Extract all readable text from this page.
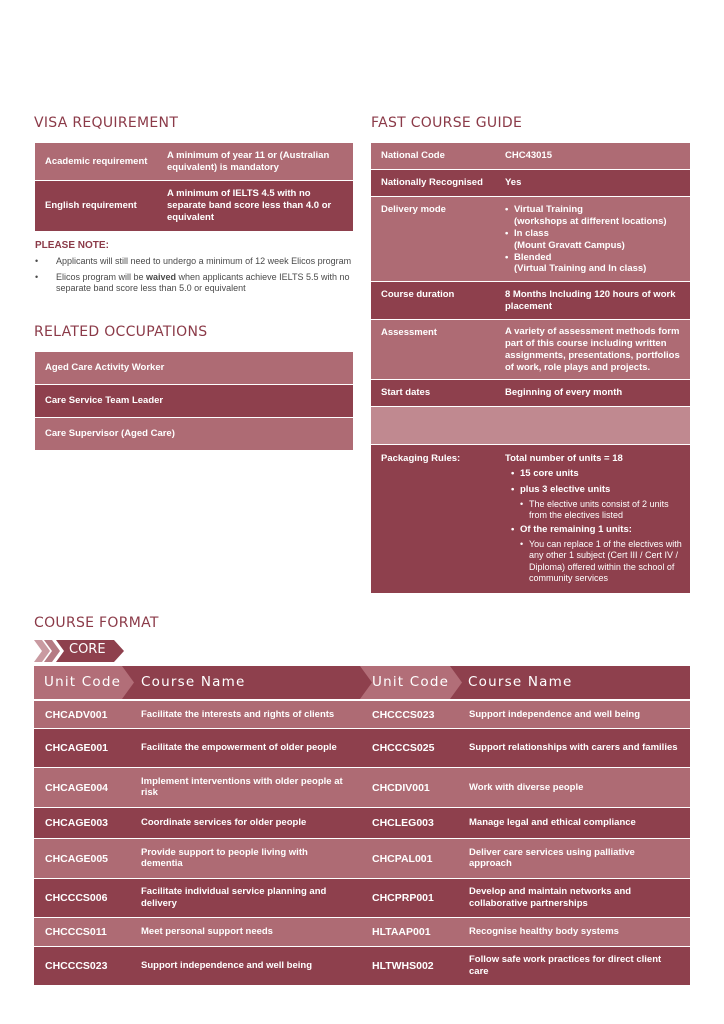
VISA REQUIREMENT
Academic requirement
A minimum of year 11 or (Australian equivalent) is mandatory
English requirement
A minimum of IELTS 4.5 with no separate band score less than 4.0 or equivalent
PLEASE NOTE:
• Applicants will still need to undergo a minimum of 12 week Elicos program
• Elicos program will be waived when applicants achieve IELTS 5.5 with no separate band score less than 5.0 or equivalent
RELATED OCCUPATIONS
Aged Care Activity Worker
Care Service Team Leader
Care Supervisor (Aged Care)
FAST COURSE GUIDE
National Code	CHC43015
Nationally Recognised Yes
Delivery mode
•	Virtual Training
(workshops at different locations)
• In class
(Mount Gravatt Campus)
• Blended
(Virtual Training and In class)
Course duration	8 Months Including 120 hours of work placement
Assessment	A variety of assessment methods form part of this course including written assignments, presentations, portfolios of work, role plays and projects.
Start dates	Beginning of every month
Packaging Rules:	Total number of units = 18
• 15 core units
• plus 3 elective units
• The elective units consist of 2 units from the electives listed
• Of the remaining 1 units:
• You can replace 1 of the electives with any other 1 subject (Cert III / Cert IV / Diploma) offered within the school of community services
COURSE FORMAT
CORE
Unit Code Course Name	Unit Code Course Name
CHCADV001	Facilitate the interests and rights of clients	CHCCCS023	Support independence and well being
CHCAGE001	Facilitate the empowerment of older people	CHCCCS025	Support relationships with carers and families
CHCAGE004
Implement interventions with older people at risk	CHCDIV001	Work with diverse people
CHCAGE003	Coordinate services for older people	CHCLEG003	Manage legal and ethical compliance
CHCAGE005
Provide support to people living with dementia	CHCPAL001
Deliver care services using palliative approach
CHCCCS006
Facilitate individual service planning and delivery	CHCPRP001
Develop and maintain networks and collaborative partnerships
CHCCCS011	Meet personal support needs	HLTAAP001	Recognise healthy body systems
CHCCCS023	Support independence and well being	HLTWHS002
Follow safe work practices for direct client care
